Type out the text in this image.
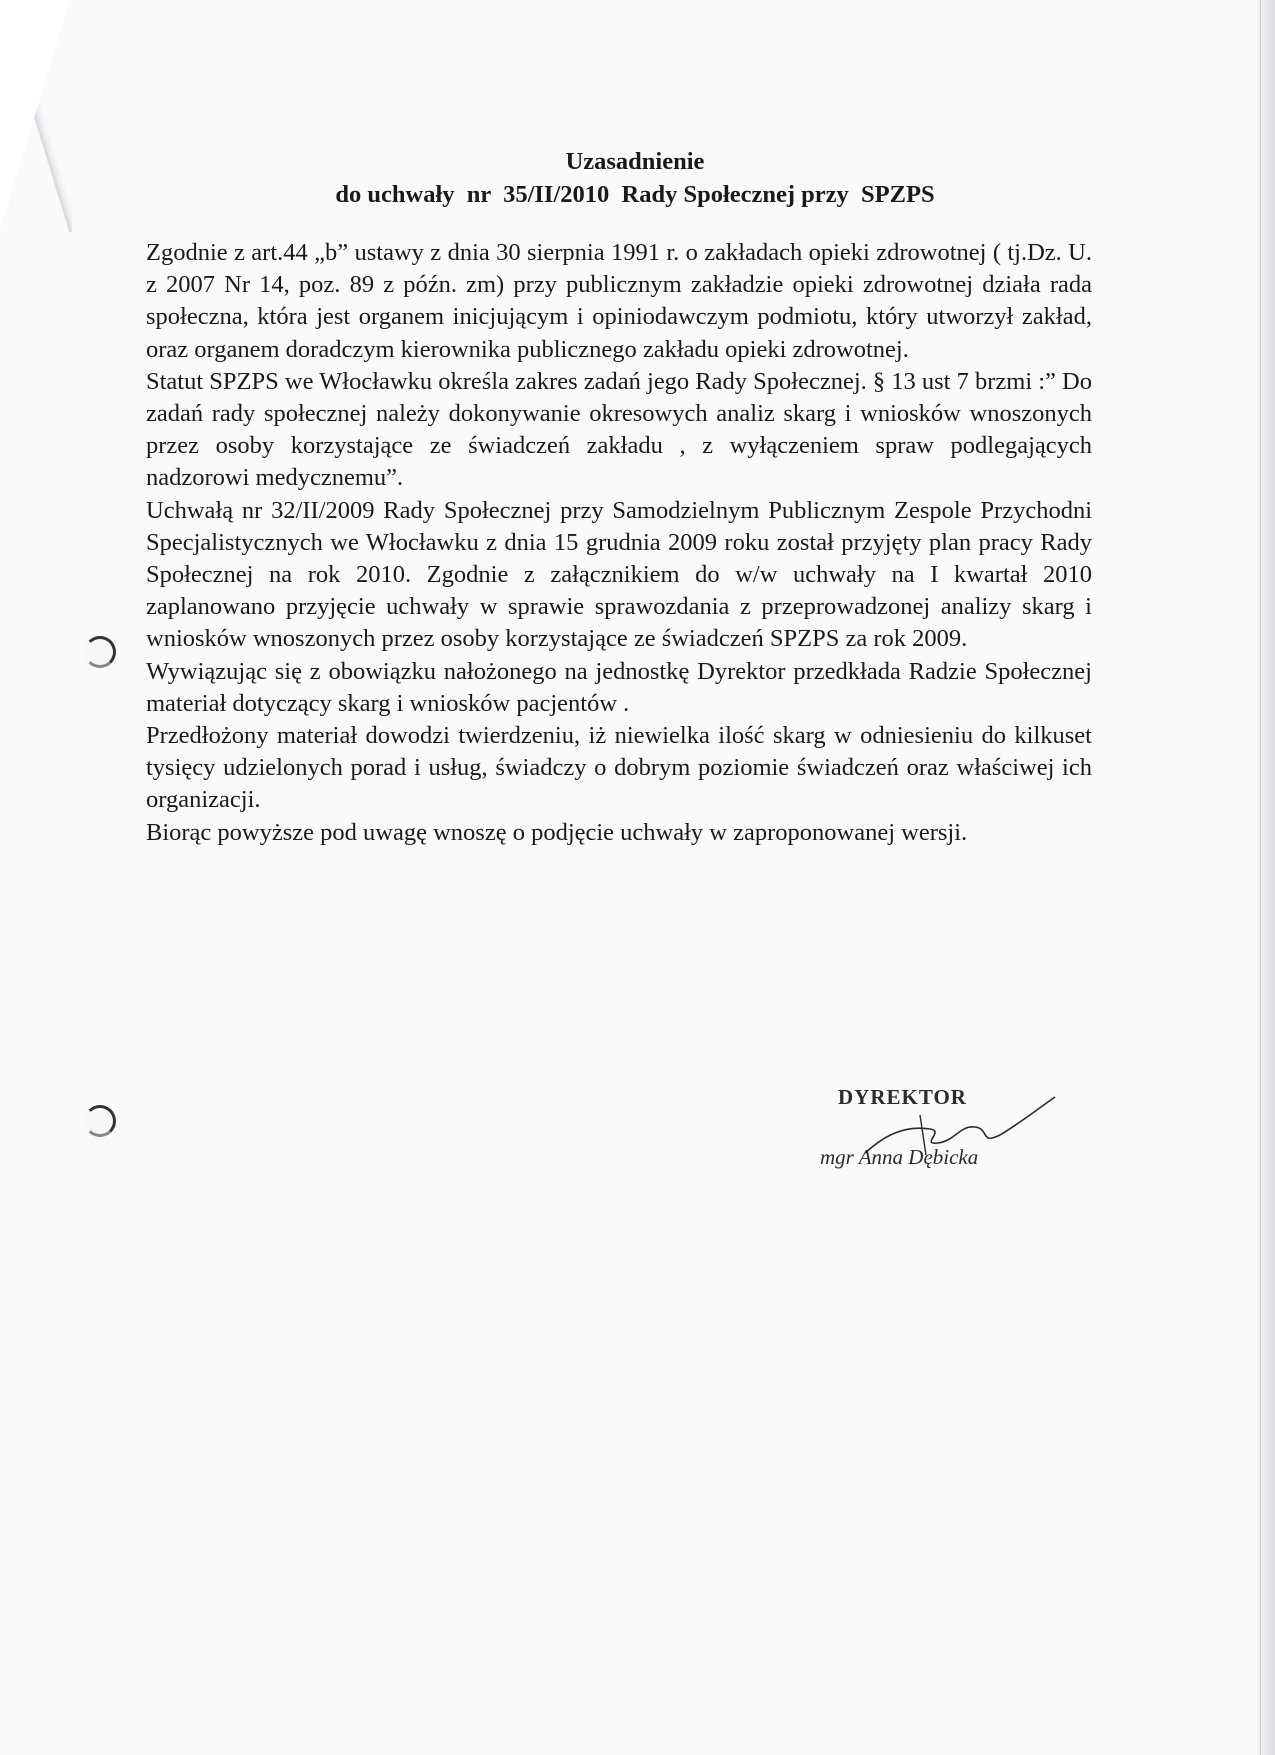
Uzasadnienie
do uchwały  nr  35/II/2010  Rady Społecznej przy  SPZPS

Zgodnie z art.44 „b” ustawy z dnia 30 sierpnia 1991 r. o zakładach opieki zdrowotnej ( tj.Dz. U. z 2007 Nr 14, poz. 89 z późn. zm) przy publicznym zakładzie opieki zdrowotnej działa rada społeczna, która jest organem inicjującym i opiniodawczym podmiotu, który utworzył zakład, oraz organem doradczym kierownika publicznego zakładu opieki zdrowotnej.

Statut SPZPS we Włocławku określa zakres zadań jego Rady Społecznej. § 13 ust 7 brzmi :” Do zadań rady społecznej należy dokonywanie okresowych analiz skarg i wniosków wnoszonych przez osoby korzystające ze świadczeń zakładu , z wyłączeniem spraw podlegających nadzorowi medycznemu”.

Uchwałą nr 32/II/2009 Rady Społecznej przy Samodzielnym Publicznym Zespole Przychodni Specjalistycznych we Włocławku z dnia 15 grudnia 2009 roku został przyjęty plan pracy Rady Społecznej na rok 2010. Zgodnie z załącznikiem do w/w uchwały na I kwartał 2010 zaplanowano przyjęcie uchwały w sprawie sprawozdania z przeprowadzonej analizy skarg i wniosków wnoszonych przez osoby korzystające ze świadczeń SPZPS za rok 2009.

Wywiązując się z obowiązku nałożonego na jednostkę Dyrektor przedkłada Radzie Społecznej materiał dotyczący skarg i wniosków pacjentów .

Przedłożony materiał dowodzi twierdzeniu, iż niewielka ilość skarg w odniesieniu do kilkuset tysięcy udzielonych porad i usług, świadczy o dobrym poziomie świadczeń oraz właściwej ich organizacji.

Biorąc powyższe pod uwagę wnoszę o podjęcie uchwały w zaproponowanej wersji.

DYREKTOR
mgr Anna Dębicka
